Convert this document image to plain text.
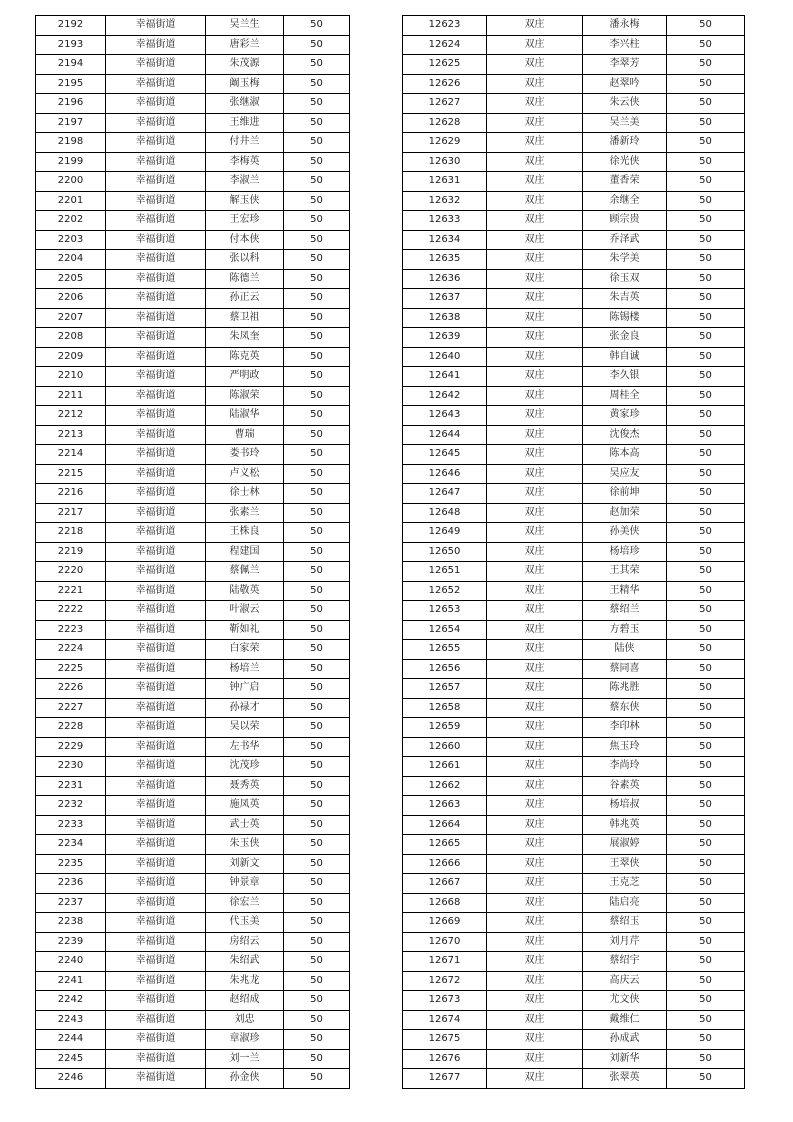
2192	幸福街道	吴兰生	50
2193	幸福街道	唐彩兰	50
2194	幸福街道	朱茂源	50
2195	幸福街道	阚玉梅	50
2196	幸福街道	张继淑	50
2197	幸福街道	王维进	50
2198	幸福街道	付井兰	50
2199	幸福街道	李梅英	50
2200	幸福街道	李淑兰	50
2201	幸福街道	解玉侠	50
2202	幸福街道	王宏珍	50
2203	幸福街道	付本侠	50
2204	幸福街道	张以科	50
2205	幸福街道	陈德兰	50
2206	幸福街道	孙正云	50
2207	幸福街道	蔡卫祖	50
2208	幸福街道	朱凤奎	50
2209	幸福街道	陈克英	50
2210	幸福街道	严明政	50
2211	幸福街道	陈淑荣	50
2212	幸福街道	陆淑华	50
2213	幸福街道	曹瑞	50
2214	幸福街道	娄书玲	50
2215	幸福街道	卢义松	50
2216	幸福街道	徐士林	50
2217	幸福街道	张素兰	50
2218	幸福街道	王株良	50
2219	幸福街道	程建国	50
2220	幸福街道	蔡佩兰	50
2221	幸福街道	陆敬英	50
2222	幸福街道	叶淑云	50
2223	幸福街道	靳如礼	50
2224	幸福街道	白家荣	50
2225	幸福街道	杨培兰	50
2226	幸福街道	钟广启	50
2227	幸福街道	孙禄才	50
2228	幸福街道	吴以荣	50
2229	幸福街道	左书华	50
2230	幸福街道	沈茂珍	50
2231	幸福街道	聂秀英	50
2232	幸福街道	施凤英	50
2233	幸福街道	武士英	50
2234	幸福街道	朱玉侠	50
2235	幸福街道	刘新文	50
2236	幸福街道	钟景章	50
2237	幸福街道	徐宏兰	50
2238	幸福街道	代玉美	50
2239	幸福街道	房绍云	50
2240	幸福街道	朱绍武	50
2241	幸福街道	朱兆龙	50
2242	幸福街道	赵绍成	50
2243	幸福街道	刘忠	50
2244	幸福街道	章淑珍	50
2245	幸福街道	刘一兰	50
2246	幸福街道	孙金侠	50
12623	双庄	潘永梅	50
12624	双庄	李兴柱	50
12625	双庄	李翠芳	50
12626	双庄	赵翠吟	50
12627	双庄	朱云侠	50
12628	双庄	吴兰美	50
12629	双庄	潘新玲	50
12630	双庄	徐光侠	50
12631	双庄	董香荣	50
12632	双庄	余继全	50
12633	双庄	顾宗贵	50
12634	双庄	乔泽武	50
12635	双庄	朱学美	50
12636	双庄	徐玉双	50
12637	双庄	朱吉英	50
12638	双庄	陈锡楼	50
12639	双庄	张金良	50
12640	双庄	韩自诚	50
12641	双庄	李久银	50
12642	双庄	周桂全	50
12643	双庄	黄家珍	50
12644	双庄	沈俊杰	50
12645	双庄	陈本高	50
12646	双庄	吴应友	50
12647	双庄	徐前坤	50
12648	双庄	赵加荣	50
12649	双庄	孙美侠	50
12650	双庄	杨培珍	50
12651	双庄	王其荣	50
12652	双庄	王精华	50
12653	双庄	蔡绍兰	50
12654	双庄	方碧玉	50
12655	双庄	陆侠	50
12656	双庄	蔡同喜	50
12657	双庄	陈兆胜	50
12658	双庄	蔡东侠	50
12659	双庄	李印林	50
12660	双庄	焦玉玲	50
12661	双庄	李尚玲	50
12662	双庄	谷素英	50
12663	双庄	杨培叔	50
12664	双庄	韩兆英	50
12665	双庄	展淑婷	50
12666	双庄	王翠侠	50
12667	双庄	王克芝	50
12668	双庄	陆启亮	50
12669	双庄	蔡绍玉	50
12670	双庄	刘月芹	50
12671	双庄	蔡绍宇	50
12672	双庄	高庆云	50
12673	双庄	尤文侠	50
12674	双庄	戴维仁	50
12675	双庄	孙成武	50
12676	双庄	刘新华	50
12677	双庄	张翠英	50
